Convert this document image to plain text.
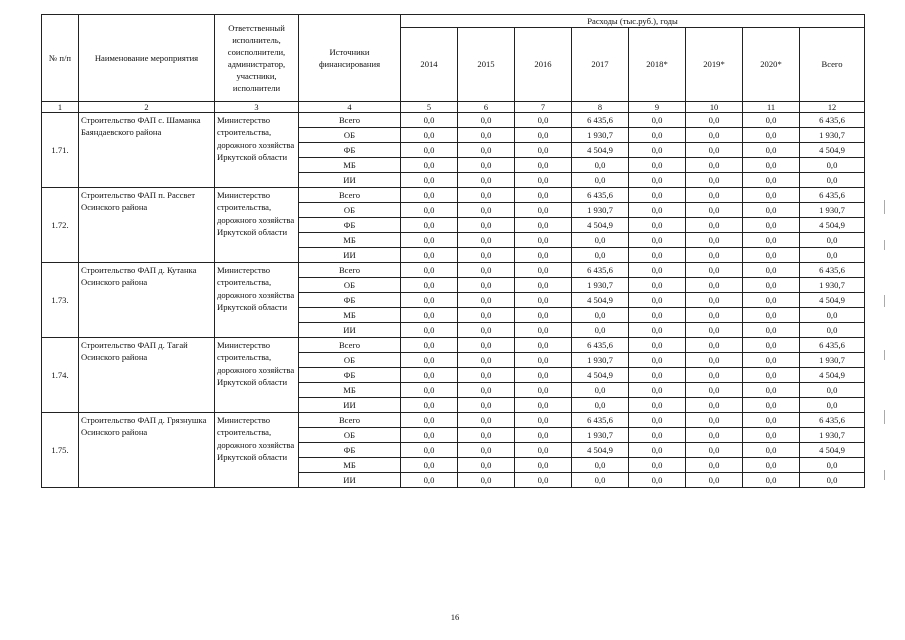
№ п/п	Наименование мероприятия	Ответственный исполнитель, соисполнители, администратор, участники, исполнители	Источники финансирования	Расходы (тыс.руб.), годы							
				2014	2015	2016	2017	2018*	2019*	2020*	Всего
1	2	3	4	5	6	7	8	9	10	11	12
1.71.	Строительство ФАП с. Шаманка Баяндаевского района	Министерство строительства, дорожного хозяйства Иркутской области	Всего	0,0	0,0	0,0	6 435,6	0,0	0,0	0,0	6 435,6
			ОБ	0,0	0,0	0,0	1 930,7	0,0	0,0	0,0	1 930,7
			ФБ	0,0	0,0	0,0	4 504,9	0,0	0,0	0,0	4 504,9
			МБ	0,0	0,0	0,0	0,0	0,0	0,0	0,0	0,0
			ИИ	0,0	0,0	0,0	0,0	0,0	0,0	0,0	0,0
1.72.	Строительство ФАП п. Рассвет Осинского района	Министерство строительства, дорожного хозяйства Иркутской области	Всего	0,0	0,0	0,0	6 435,6	0,0	0,0	0,0	6 435,6
			ОБ	0,0	0,0	0,0	1 930,7	0,0	0,0	0,0	1 930,7
			ФБ	0,0	0,0	0,0	4 504,9	0,0	0,0	0,0	4 504,9
			МБ	0,0	0,0	0,0	0,0	0,0	0,0	0,0	0,0
			ИИ	0,0	0,0	0,0	0,0	0,0	0,0	0,0	0,0
1.73.	Строительство ФАП д. Кутанка Осинского района	Министерство строительства, дорожного хозяйства Иркутской области	Всего	0,0	0,0	0,0	6 435,6	0,0	0,0	0,0	6 435,6
			ОБ	0,0	0,0	0,0	1 930,7	0,0	0,0	0,0	1 930,7
			ФБ	0,0	0,0	0,0	4 504,9	0,0	0,0	0,0	4 504,9
			МБ	0,0	0,0	0,0	0,0	0,0	0,0	0,0	0,0
			ИИ	0,0	0,0	0,0	0,0	0,0	0,0	0,0	0,0
1.74.	Строительство ФАП д. Тагай Осинского района	Министерство строительства, дорожного хозяйства Иркутской области	Всего	0,0	0,0	0,0	6 435,6	0,0	0,0	0,0	6 435,6
			ОБ	0,0	0,0	0,0	1 930,7	0,0	0,0	0,0	1 930,7
			ФБ	0,0	0,0	0,0	4 504,9	0,0	0,0	0,0	4 504,9
			МБ	0,0	0,0	0,0	0,0	0,0	0,0	0,0	0,0
			ИИ	0,0	0,0	0,0	0,0	0,0	0,0	0,0	0,0
1.75.	Строительство ФАП д. Грязнушка Осинского района	Министерство строительства, дорожного хозяйства Иркутской области	Всего	0,0	0,0	0,0	6 435,6	0,0	0,0	0,0	6 435,6
			ОБ	0,0	0,0	0,0	1 930,7	0,0	0,0	0,0	1 930,7
			ФБ	0,0	0,0	0,0	4 504,9	0,0	0,0	0,0	4 504,9
			МБ	0,0	0,0	0,0	0,0	0,0	0,0	0,0	0,0
			ИИ	0,0	0,0	0,0	0,0	0,0	0,0	0,0	0,0
16
